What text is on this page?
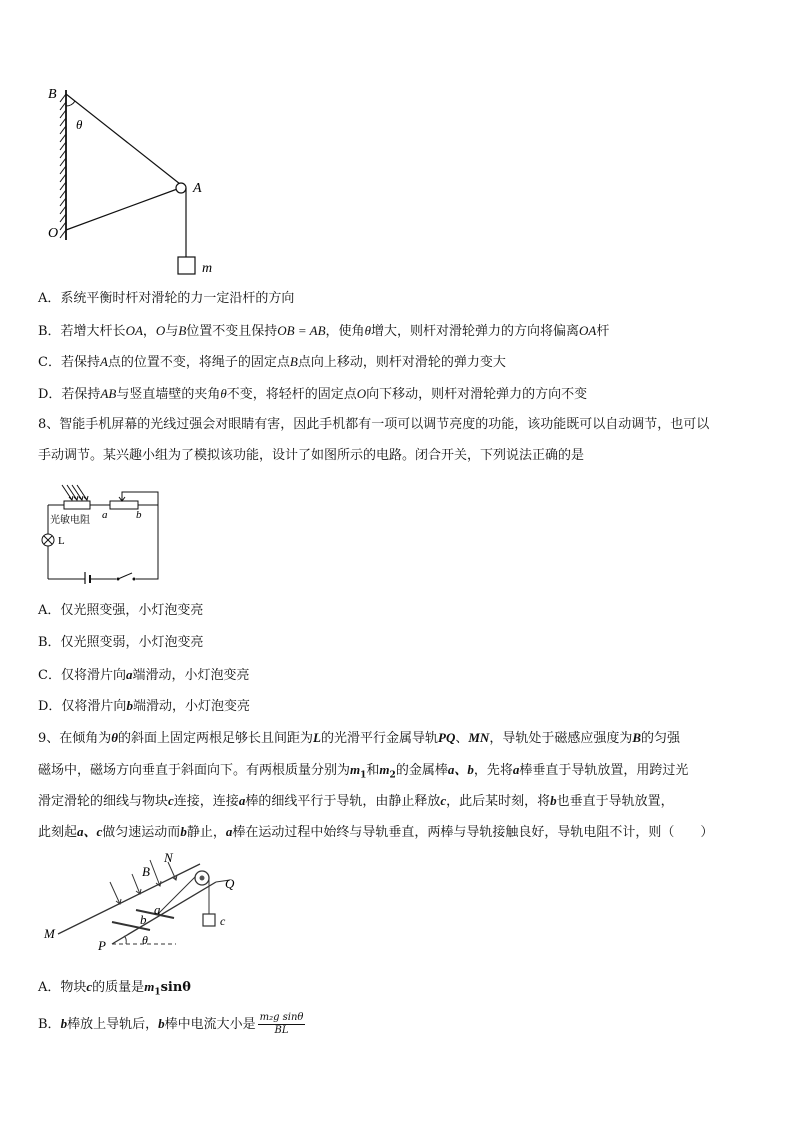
B
θ
A
O
m
A．系统平衡时杆对滑轮的力一定沿杆的方向
B．若增大杆长OA，O与B位置不变且保持OB = AB，使角θ增大，则杆对滑轮弹力的方向将偏离OA杆
C．若保持A点的位置不变，将绳子的固定点B点向上移动，则杆对滑轮的弹力变大
D．若保持AB与竖直墙壁的夹角θ不变，将轻杆的固定点O向下移动，则杆对滑轮弹力的方向不变
8、智能手机屏幕的光线过强会对眼睛有害，因此手机都有一项可以调节亮度的功能，该功能既可以自动调节，也可以
手动调节。某兴趣小组为了模拟该功能，设计了如图所示的电路。闭合开关，下列说法正确的是
光敏电阻 a	b
L
A．仅光照变强，小灯泡变亮
B．仅光照变弱，小灯泡变亮
C．仅将滑片向a端滑动，小灯泡变亮
D．仅将滑片向b端滑动，小灯泡变亮
9、在倾角为θ的斜面上固定两根足够长且间距为L的光滑平行金属导轨PQ、MN，导轨处于磁感应强度为B的匀强
磁场中，磁场方向垂直于斜面向下。有两根质量分别为$m_1$和$m_2$的金属棒a、b，先将a棒垂直于导轨放置，用跨过光
滑定滑轮的细线与物块c连接，连接a棒的细线平行于导轨，由静止释放c，此后某时刻，将b也垂直于导轨放置，
此刻起a、c做匀速运动而b静止，a棒在运动过程中始终与导轨垂直，两棒与导轨接触良好，导轨电阻不计，则（　　）
B
N
Q
a
b	c
M
P	θ
A．物块c的质量是$m_1\sin\theta$
B．b棒放上导轨后，b棒中电流大小是 $\frac{\text{m₂g sinθ}}{BL}$
